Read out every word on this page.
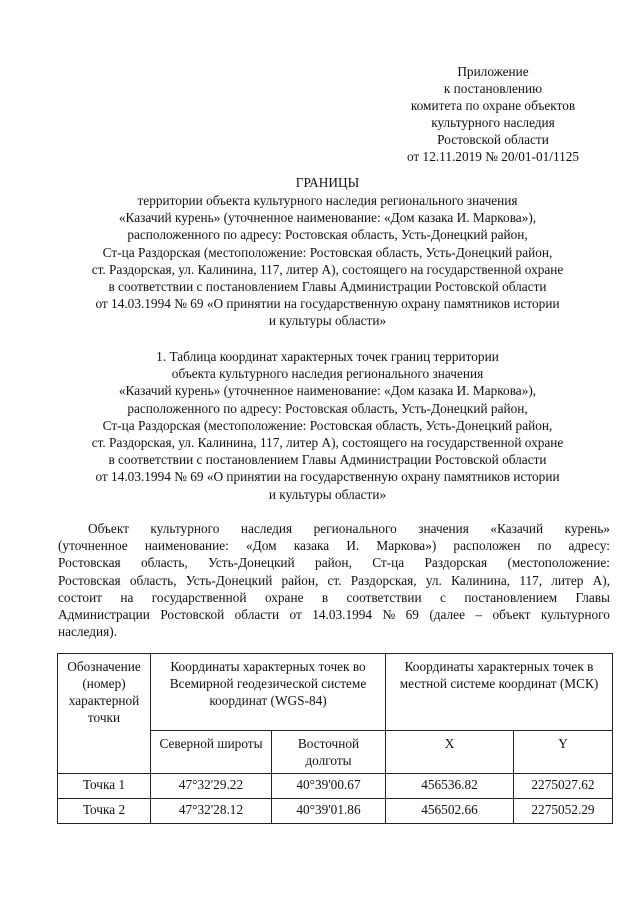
Приложение
к постановлению
комитета по охране объектов
культурного наследия
Ростовской области
от 12.11.2019 № 20/01-01/1125
ГРАНИЦЫ
территории объекта культурного наследия регионального значения
«Казачий курень» (уточненное наименование: «Дом казака И. Маркова»),
расположенного по адресу: Ростовская область, Усть-Донецкий район,
Ст-ца Раздорская (местоположение: Ростовская область, Усть-Донецкий район,
ст. Раздорская, ул. Калинина, 117, литер А), состоящего на государственной охране
в соответствии с постановлением Главы Администрации Ростовской области
от 14.03.1994 № 69 «О принятии на государственную охрану памятников истории
и культуры области»
1. Таблица координат характерных точек границ территории
объекта культурного наследия регионального значения
«Казачий курень» (уточненное наименование: «Дом казака И. Маркова»),
расположенного по адресу: Ростовская область, Усть-Донецкий район,
Ст-ца Раздорская (местоположение: Ростовская область, Усть-Донецкий район,
ст. Раздорская, ул. Калинина, 117, литер А), состоящего на государственной охране
в соответствии с постановлением Главы Администрации Ростовской области
от 14.03.1994 № 69 «О принятии на государственную охрану памятников истории
и культуры области»
Объект культурного наследия регионального значения «Казачий курень»
(уточненное наименование: «Дом казака И. Маркова») расположен по адресу:
Ростовская область, Усть-Донецкий район, Ст-ца Раздорская (местоположение:
Ростовская область, Усть-Донецкий район, ст. Раздорская, ул. Калинина, 117, литер А),
состоит на государственной охране в соответствии с постановлением Главы
Администрации Ростовской области от 14.03.1994 № 69 (далее – объект культурного
наследия).
Обозначение (номер) характерной точки	Координаты характерных точек во Всемирной геодезической системе координат (WGS-84)		Координаты характерных точек в местной системе координат (МСК)	
	Северной широты	Восточной долготы	X	Y
Точка 1	47°32'29.22	40°39'00.67	456536.82	2275027.62
Точка 2	47°32'28.12	40°39'01.86	456502.66	2275052.29
